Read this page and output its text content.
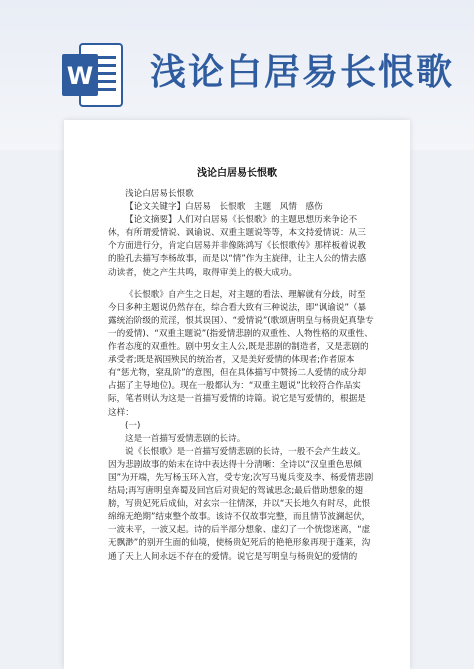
W 浅论白居易长恨歌
浅论白居易长恨歌

浅论白居易长恨歌

【论文关键字】白居易　长恨歌　主题　风情　感伤

【论文摘要】人们对白居易《长恨歌》的主题思想历来争论不休，有所谓爱情说、讽谕说、双重主题说等等，本文持爱情说：从三个方面进行分，肯定白居易并非像陈鸿写《长恨歌传》那样板着说教的脸孔去描写李杨故事，而是以“情”作为主旋律，让主人公的情去感动读者，使之产生共鸣，取得审美上的极大成功。

《长恨歌》自产生之日起，对主题的看法、理解就有分歧，时至今日多种主题说仍然存在，综合看大致有三种说法，即“讽谕说”（暴露统治阶级的荒淫，恨其误国）、“爱情说”(歌颂唐明皇与杨贵妃真挚专一的爱情)、“双重主题说”(指爱情悲剧的双重性、人物性格的双重性、作者态度的双重性。剧中男女主人公,既是悲剧的制造者，又是悲剧的承受者;既是祸国殃民的统治者，又是美好爱情的体现者;作者原本有“惩尤物，窒乱阶”的意图，但在具体描写中赞扬二人爱情的成分却占据了主导地位)。现在一般都认为：“双重主题说”比较符合作品实际，笔者则认为这是一首描写爱情的诗篇。说它是写爱情的，根据是这样：

(一)

这是一首描写爱情悲剧的长诗。

说《长恨歌》是一首描写爱情悲剧的长诗，一般不会产生歧义。因为悲剧故事的始末在诗中表达得十分清晰：全诗以“汉皇重色思倾国”为开端，先写杨玉环入宫，受专宠;次写马嵬兵变及李、杨爱情悲剧结局;再写唐明皇奔蜀及回宫后对贵妃的驾诚思念;最后借助想象的翅膀，写贵妃死后成仙，对玄宗一往情深，并以“天长地久有时尽，此恨绵绵无绝期”结束整个故事。该诗不仅故事完整，而且情节波澜起伏，一波未平，一波又起。诗的后半部分想象、虚幻了一个恍惚迷离，“虚无飘渺”的别开生面的仙境，使杨贵妃死后的艳艳形象再现于蓬莱，沟通了天上人间永远不存在的爱情。说它是写明皇与杨贵妃的爱情的
